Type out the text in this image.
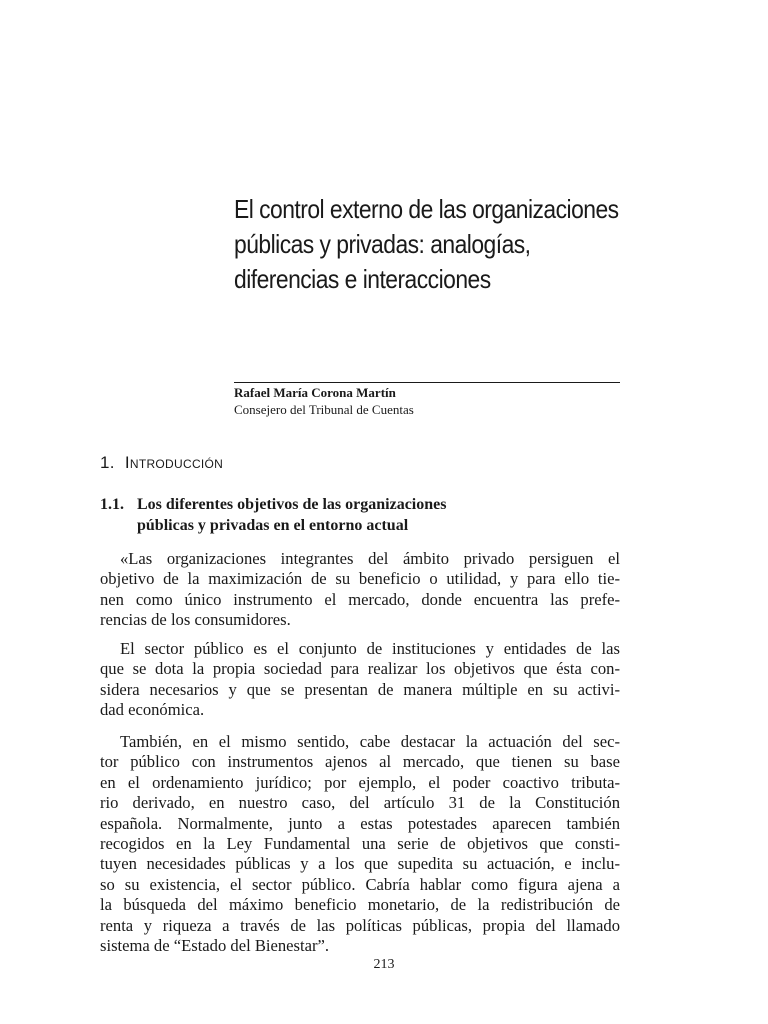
El control externo de las organizaciones
públicas y privadas: analogías,
diferencias e interacciones
Rafael María Corona Martín
Consejero del Tribunal de Cuentas
1. Introducción
1.1. Los diferentes objetivos de las organizaciones
públicas y privadas en el entorno actual
«Las organizaciones integrantes del ámbito privado persiguen el
objetivo de la maximización de su beneficio o utilidad, y para ello tie-
nen como único instrumento el mercado, donde encuentra las prefe-
rencias de los consumidores.
El sector público es el conjunto de instituciones y entidades de las
que se dota la propia sociedad para realizar los objetivos que ésta con-
sidera necesarios y que se presentan de manera múltiple en su activi-
dad económica.
También, en el mismo sentido, cabe destacar la actuación del sec-
tor público con instrumentos ajenos al mercado, que tienen su base
en el ordenamiento jurídico; por ejemplo, el poder coactivo tributa-
rio derivado, en nuestro caso, del artículo 31 de la Constitución
española. Normalmente, junto a estas potestades aparecen también
recogidos en la Ley Fundamental una serie de objetivos que consti-
tuyen necesidades públicas y a los que supedita su actuación, e inclu-
so su existencia, el sector público. Cabría hablar como figura ajena a
la búsqueda del máximo beneficio monetario, de la redistribución de
renta y riqueza a través de las políticas públicas, propia del llamado
sistema de “Estado del Bienestar”.
213
